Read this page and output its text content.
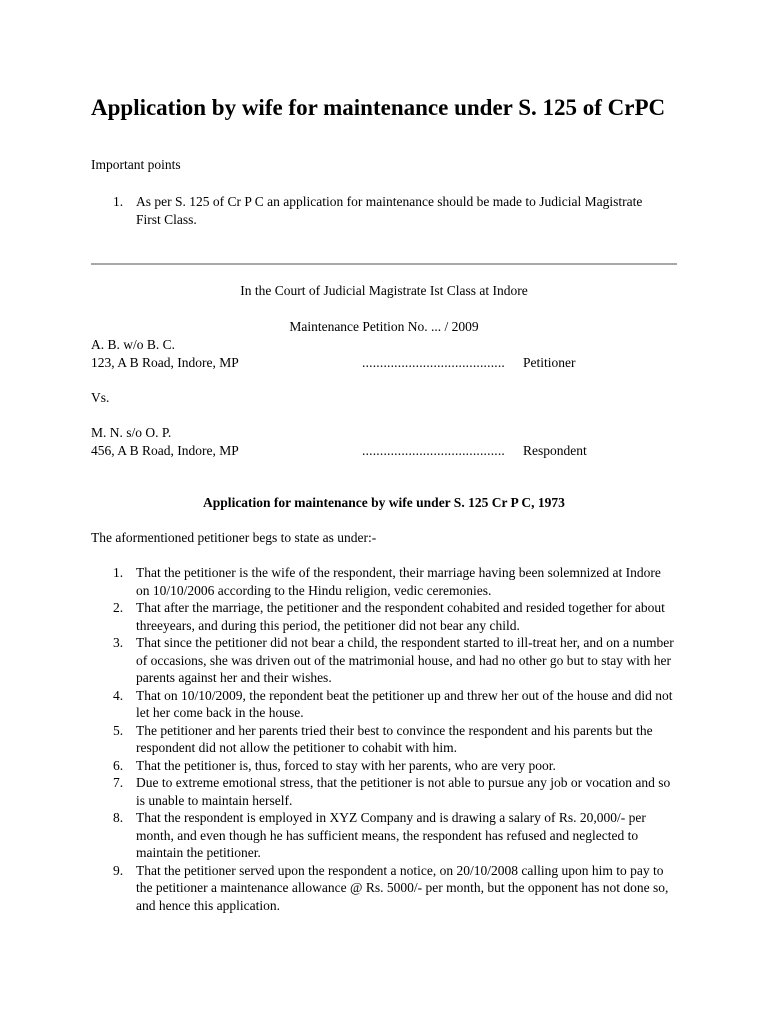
Application by wife for maintenance under S. 125 of CrPC
Important points
1. As per S. 125 of Cr P C an application for maintenance should be made to Judicial Magistrate First Class.
In the Court of Judicial Magistrate Ist Class at Indore
Maintenance Petition No. ... / 2009
A. B. w/o B. C.
123, A B Road, Indore, MP	........................................ Petitioner
Vs.
M. N. s/o O. P.
456, A B Road, Indore, MP	........................................ Respondent
Application for maintenance by wife under S. 125 Cr P C, 1973
The aformentioned petitioner begs to state as under:-
1. That the petitioner is the wife of the respondent, their marriage having been solemnized at Indore on 10/10/2006 according to the Hindu religion, vedic ceremonies.
2. That after the marriage, the petitioner and the respondent cohabited and resided together for about threeyears, and during this period, the petitioner did not bear any child.
3. That since the petitioner did not bear a child, the respondent started to ill-treat her, and on a number of occasions, she was driven out of the matrimonial house, and had no other go but to stay with her parents against her and their wishes.
4. That on 10/10/2009, the repondent beat the petitioner up and threw her out of the house and did not let her come back in the house.
5. The petitioner and her parents tried their best to convince the respondent and his parents but the respondent did not allow the petitioner to cohabit with him.
6. That the petitioner is, thus, forced to stay with her parents, who are very poor.
7. Due to extreme emotional stress, that the petitioner is not able to pursue any job or vocation and so is unable to maintain herself.
8. That the respondent is employed in XYZ Company and is drawing a salary of Rs. 20,000/- per month, and even though he has sufficient means, the respondent has refused and neglected to maintain the petitioner.
9. That the petitioner served upon the respondent a notice, on 20/10/2008 calling upon him to pay to the petitioner a maintenance allowance @ Rs. 5000/- per month, but the opponent has not done so, and hence this application.
